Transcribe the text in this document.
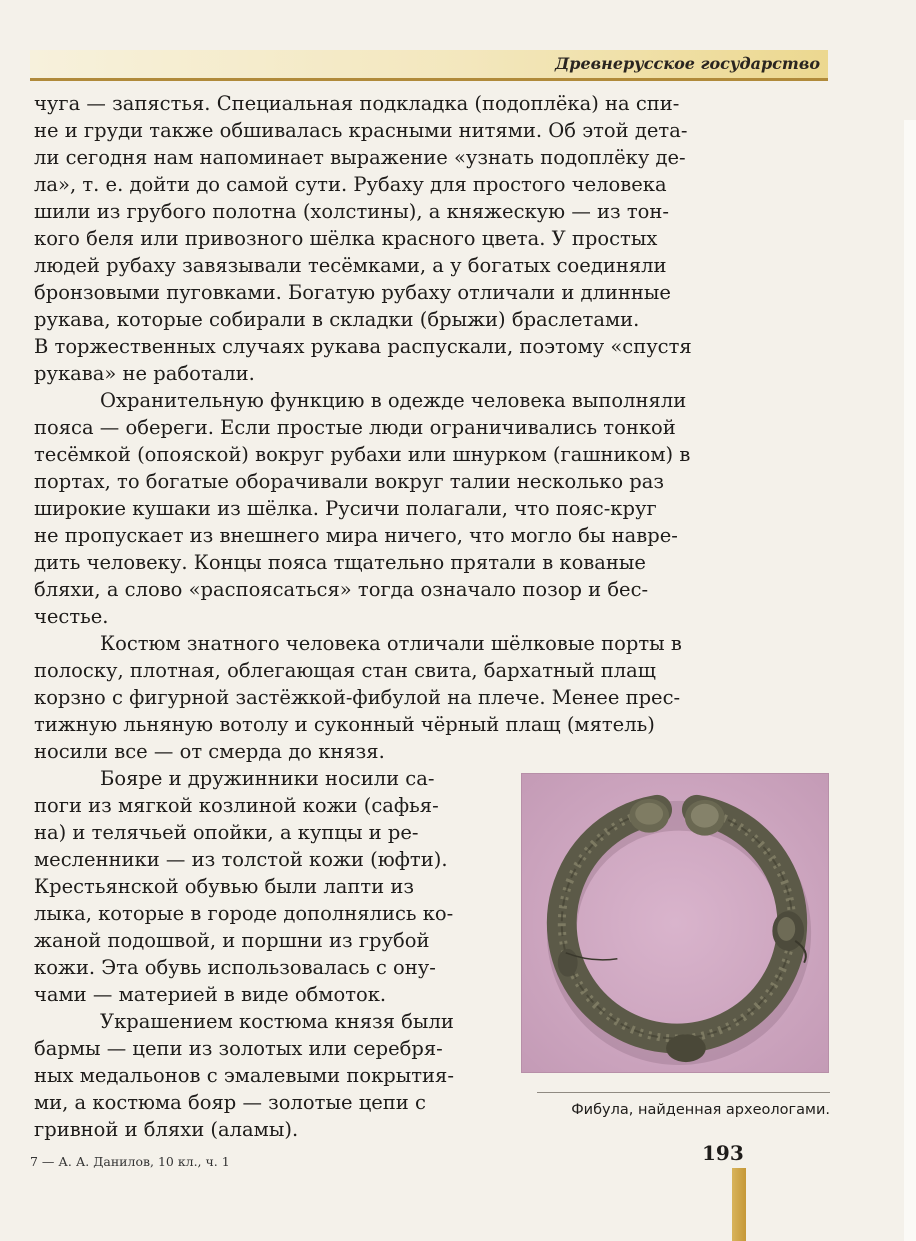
Древнерусское государство
чуга — запястья. Специальная подкладка (подоплёка) на спи-
не и груди также обшивалась красными нитями. Об этой дета-
ли сегодня нам напоминает выражение «узнать подоплёку де-
ла», т. е. дойти до самой сути. Рубаху для простого человека
шили из грубого полотна (холстины), а княжескую — из тон-
кого беля или привозного шёлка красного цвета. У простых
людей рубаху завязывали тесёмками, а у богатых соединяли
бронзовыми пуговками. Богатую рубаху отличали и длинные
рукава, которые собирали в складки (брыжи) браслетами.
В торжественных случаях рукава распускали, поэтому «спустя
рукава» не работали.
Охранительную функцию в одежде человека выполняли
пояса — обереги. Если простые люди ограничивались тонкой
тесёмкой (опояской) вокруг рубахи или шнурком (гашником) в
портах, то богатые оборачивали вокруг талии несколько раз
широкие кушаки из шёлка. Русичи полагали, что пояс-круг
не пропускает из внешнего мира ничего, что могло бы навре-
дить человеку. Концы пояса тщательно прятали в кованые
бляхи, а слово «распоясаться» тогда означало позор и бес-
честье.
Костюм знатного человека отличали шёлковые порты в
полоску, плотная, облегающая стан свита, бархатный плащ
корзно с фигурной застёжкой-фибулой на плече. Менее прес-
тижную льняную вотолу и суконный чёрный плащ (мятель)
носили все — от смерда до князя.
Бояре и дружинники носили са-
поги из мягкой козлиной кожи (сафья-
на) и телячьей опойки, а купцы и ре-
месленники — из толстой кожи (юфти).
Крестьянской обувью были лапти из
лыка, которые в городе дополнялись ко-
жаной подошвой, и поршни из грубой
кожи. Эта обувь использовалась с ону-
чами — материей в виде обмоток.
Украшением костюма князя были
бармы — цепи из золотых или серебря-
ных медальонов с эмалевыми покрытия-
ми, а костюма бояр — золотые цепи с
гривной и бляхи (аламы).
Фибула, найденная археологами.
7 — А. А. Данилов, 10 кл., ч. 1	193
